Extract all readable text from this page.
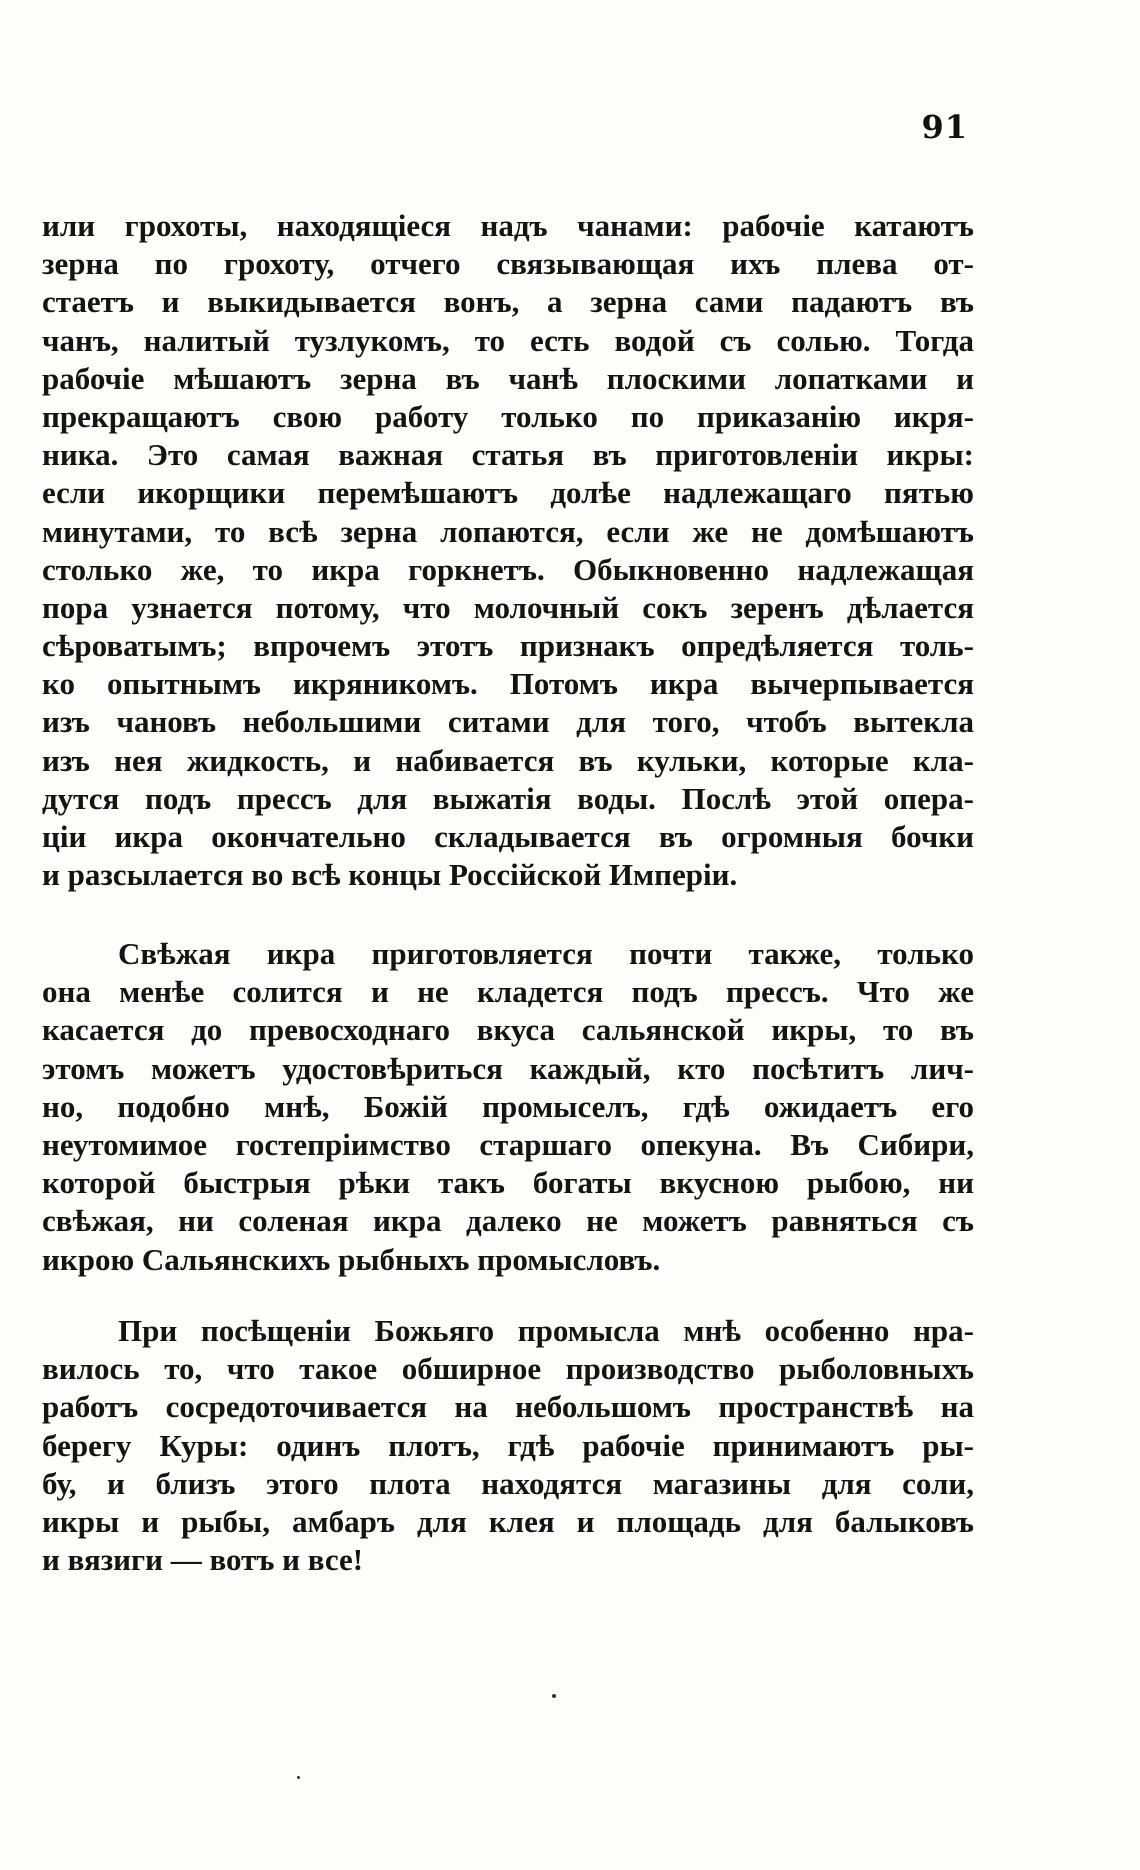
91
или грохоты, находящіеся надъ чанами: рабочіе катаютъ
зерна по грохоту, отчего связывающая ихъ плева от-
стаетъ и выкидывается вонъ, а зерна сами падаютъ въ
чанъ, налитый тузлукомъ, то есть водой съ солью. Тогда
рабочіе мѣшаютъ зерна въ чанѣ плоскими лопатками и
прекращаютъ свою работу только по приказанію икря-
ника. Это самая важная статья въ приготовленіи икры:
если икорщики перемѣшаютъ долѣе надлежащаго пятью
минутами, то всѣ зерна лопаются, если же не домѣшаютъ
столько же, то икра горкнетъ. Обыкновенно надлежащая
пора узнается потому, что молочный сокъ зеренъ дѣлается
сѣроватымъ; впрочемъ этотъ признакъ опредѣляется толь-
ко опытнымъ икряникомъ. Потомъ икра вычерпывается
изъ чановъ небольшими ситами для того, чтобъ вытекла
изъ нея жидкость, и набивается въ кульки, которые кла-
дутся подъ прессъ для выжатія воды. Послѣ этой опера-
ціи икра окончательно складывается въ огромныя бочки
и разсылается во всѣ концы Россійской Имперіи.
Свѣжая икра приготовляется почти также, только
она менѣе солится и не кладется подъ прессъ. Что же
касается до превосходнаго вкуса сальянской икры, то въ
этомъ можетъ удостовѣриться каждый, кто посѣтитъ лич-
но, подобно мнѣ, Божій промыселъ, гдѣ ожидаетъ его
неутомимое гостепріимство старшаго опекуна. Въ Сибири,
которой быстрыя рѣки такъ богаты вкусною рыбою, ни
свѣжая, ни соленая икра далеко не можетъ равняться съ
икрою Сальянскихъ рыбныхъ промысловъ.
При посѣщеніи Божьяго промысла мнѣ особенно нра-
вилось то, что такое обширное производство рыболовныхъ
работъ сосредоточивается на небольшомъ пространствѣ на
берегу Куры: одинъ плотъ, гдѣ рабочіе принимаютъ ры-
бу, и близъ этого плота находятся магазины для соли,
икры и рыбы, амбаръ для клея и площадь для балыковъ
и вязиги — вотъ и все!
